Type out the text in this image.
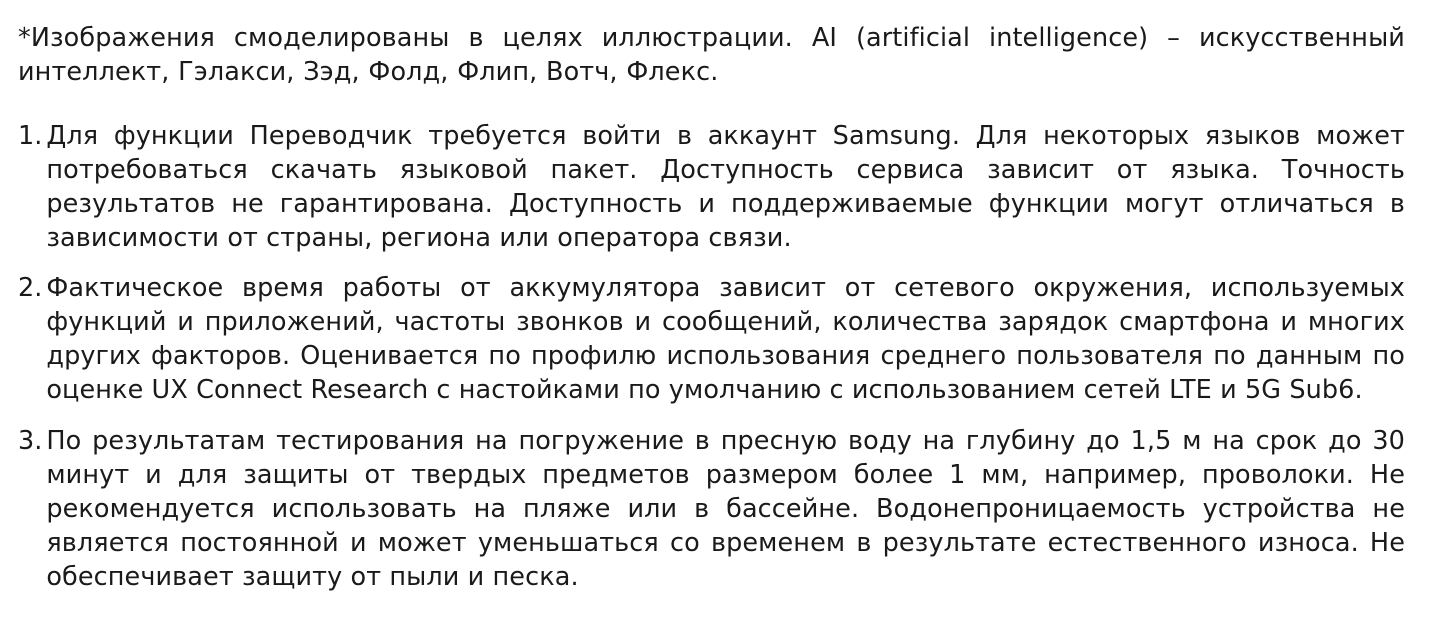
*Изображения смоделированы в целях иллюстрации. AI (artificial intelligence) – искусственный интеллект, Гэлакси, Зэд, Фолд, Флип, Вотч, Флекс.

1. Для функции Переводчик требуется войти в аккаунт Samsung. Для некоторых языков может потребоваться скачать языковой пакет. Доступность сервиса зависит от языка. Точность результатов не гарантирована. Доступность и поддерживаемые функции могут отличаться в зависимости от страны, региона или оператора связи.
2. Фактическое время работы от аккумулятора зависит от сетевого окружения, используемых функций и приложений, частоты звонков и сообщений, количества зарядок смартфона и многих других факторов. Оценивается по профилю использования среднего пользователя по данным по оценке UX Connect Research с настойками по умолчанию с использованием сетей LTE и 5G Sub6.
3. По результатам тестирования на погружение в пресную воду на глубину до 1,5 м на срок до 30 минут и для защиты от твердых предметов размером более 1 мм, например, проволоки. Не рекомендуется использовать на пляже или в бассейне. Водонепроницаемость устройства не является постоянной и может уменьшаться со временем в результате естественного износа. Не обеспечивает защиту от пыли и песка.
